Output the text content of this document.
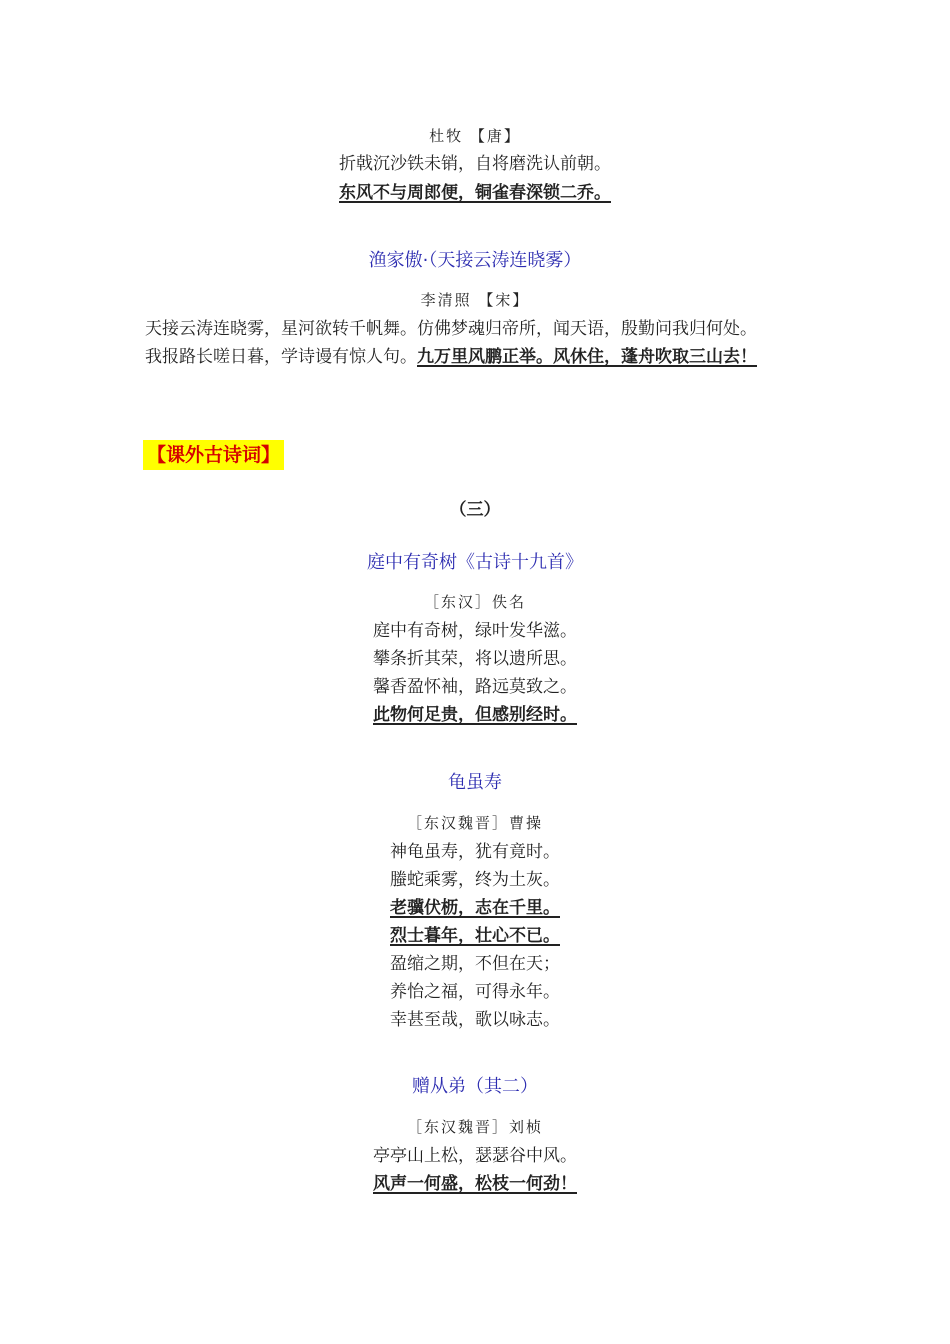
杜牧 【唐】
折戟沉沙铁未销，自将磨洗认前朝。
东风不与周郎便，铜雀春深锁二乔。
渔家傲·（天接云涛连晓雾）
李清照 【宋】
天接云涛连晓雾，星河欲转千帆舞。仿佛梦魂归帝所，闻天语，殷勤问我归何处。
我报路长嗟日暮，学诗谩有惊人句。九万里风鹏正举。风休住，蓬舟吹取三山去！
【课外古诗词】
（三）
庭中有奇树《古诗十九首》
［东汉］佚名
庭中有奇树，绿叶发华滋。
攀条折其荣，将以遗所思。
馨香盈怀袖，路远莫致之。
此物何足贵，但感别经时。
龟虽寿
［东汉魏晋］曹操
神龟虽寿，犹有竟时。
螣蛇乘雾，终为土灰。
老骥伏枥，志在千里。
烈士暮年，壮心不已。
盈缩之期，不但在天；
养怡之福，可得永年。
幸甚至哉，歌以咏志。
赠从弟（其二）
［东汉魏晋］刘桢
亭亭山上松，瑟瑟谷中风。
风声一何盛，松枝一何劲！
